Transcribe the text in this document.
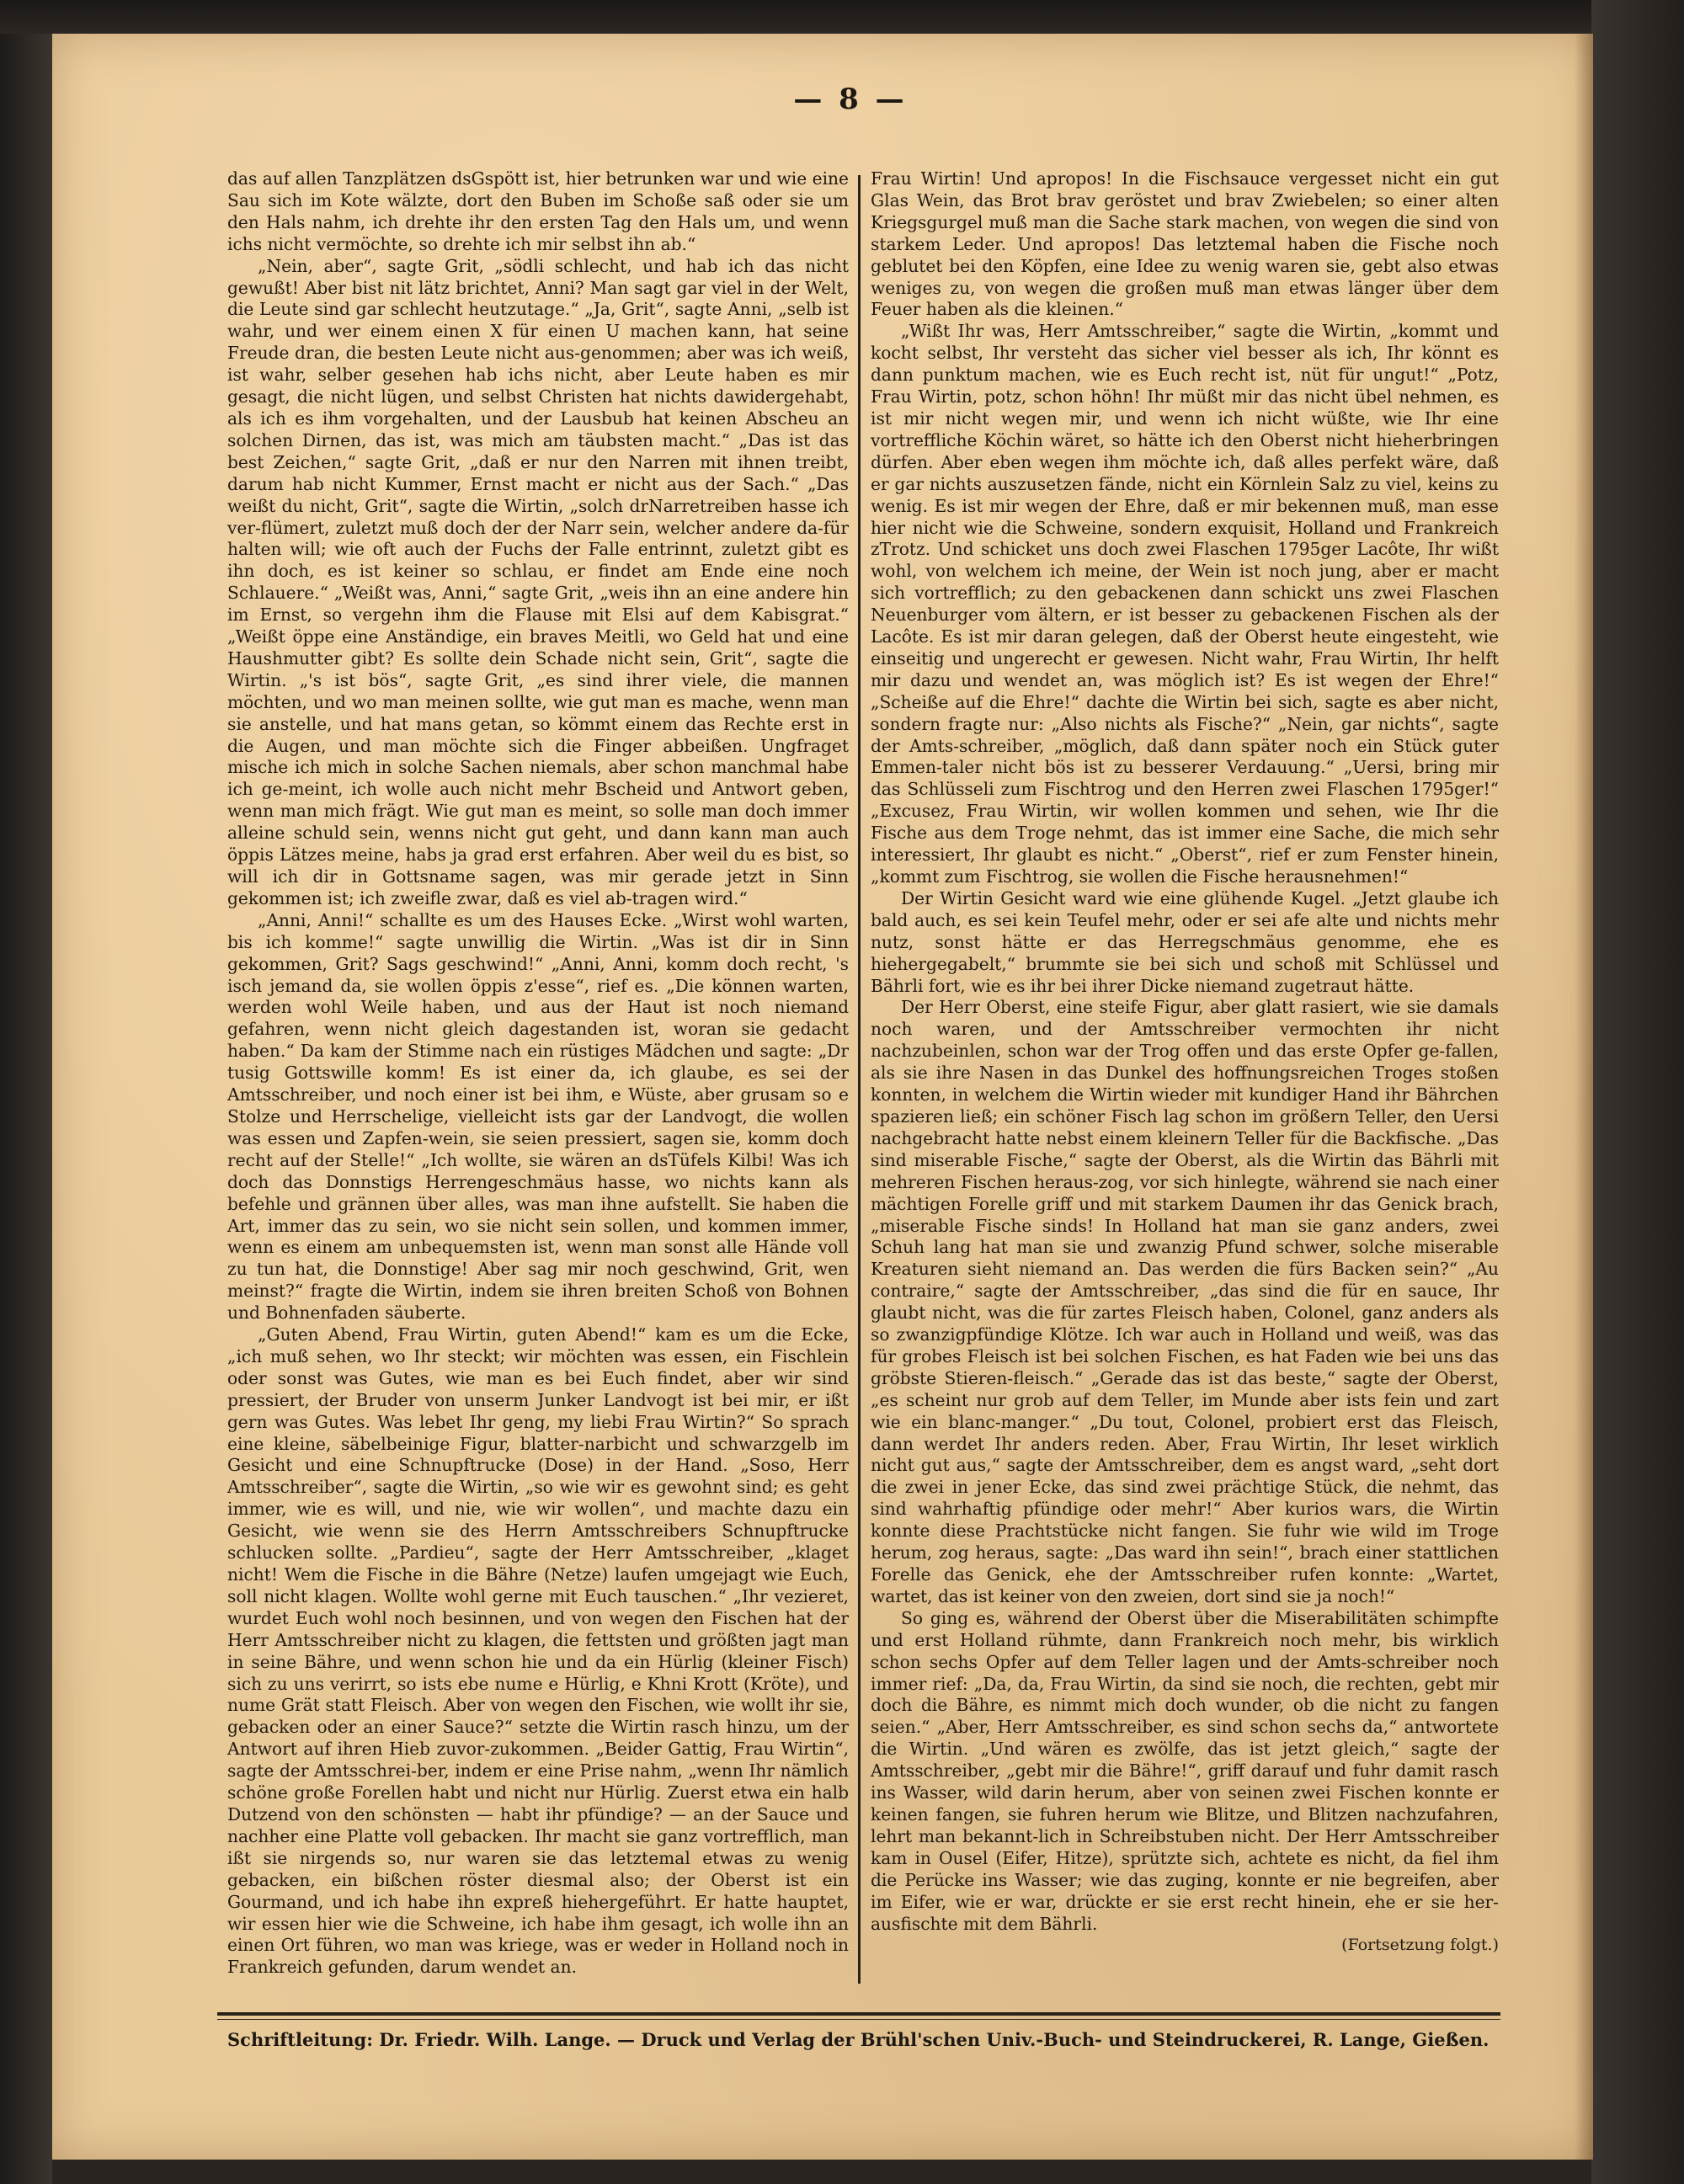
— 8 —

das auf allen Tanzplätzen dsGspött ist, hier betrunken war und wie eine Sau sich im Kote wälzte, dort den Buben im Schoße saß oder sie um den Hals nahm, ich drehte ihr den ersten Tag den Hals um, und wenn ichs nicht vermöchte, so drehte ich mir selbst ihn ab.“

„Nein, aber“, sagte Grit, „södli schlecht, und hab ich das nicht gewußt! Aber bist nit lätz brichtet, Anni? Man sagt gar viel in der Welt, die Leute sind gar schlecht heutzutage.“ „Ja, Grit“, sagte Anni, „selb ist wahr, und wer einem einen X für einen U machen kann, hat seine Freude dran, die besten Leute nicht aus-genommen; aber was ich weiß, ist wahr, selber gesehen hab ichs nicht, aber Leute haben es mir gesagt, die nicht lügen, und selbst Christen hat nichts dawidergehabt, als ich es ihm vorgehalten, und der Lausbub hat keinen Abscheu an solchen Dirnen, das ist, was mich am täubsten macht.“ „Das ist das best Zeichen,“ sagte Grit, „daß er nur den Narren mit ihnen treibt, darum hab nicht Kummer, Ernst macht er nicht aus der Sach.“ „Das weißt du nicht, Grit“, sagte die Wirtin, „solch drNarretreiben hasse ich ver-flümert, zuletzt muß doch der der Narr sein, welcher andere da-für halten will; wie oft auch der Fuchs der Falle entrinnt, zuletzt gibt es ihn doch, es ist keiner so schlau, er findet am Ende eine noch Schlauere.“ „Weißt was, Anni,“ sagte Grit, „weis ihn an eine andere hin im Ernst, so vergehn ihm die Flause mit Elsi auf dem Kabisgrat.“ „Weißt öppe eine Anständige, ein braves Meitli, wo Geld hat und eine Haushmutter gibt? Es sollte dein Schade nicht sein, Grit“, sagte die Wirtin. „'s ist bös“, sagte Grit, „es sind ihrer viele, die mannen möchten, und wo man meinen sollte, wie gut man es mache, wenn man sie anstelle, und hat mans getan, so kömmt einem das Rechte erst in die Augen, und man möchte sich die Finger abbeißen. Ungfraget mische ich mich in solche Sachen niemals, aber schon manchmal habe ich ge-meint, ich wolle auch nicht mehr Bscheid und Antwort geben, wenn man mich frägt. Wie gut man es meint, so solle man doch immer alleine schuld sein, wenns nicht gut geht, und dann kann man auch öppis Lätzes meine, habs ja grad erst erfahren. Aber weil du es bist, so will ich dir in Gottsname sagen, was mir gerade jetzt in Sinn gekommen ist; ich zweifle zwar, daß es viel ab-tragen wird.“

„Anni, Anni!“ schallte es um des Hauses Ecke. „Wirst wohl warten, bis ich komme!“ sagte unwillig die Wirtin. „Was ist dir in Sinn gekommen, Grit? Sags geschwind!“ „Anni, Anni, komm doch recht, 's isch jemand da, sie wollen öppis z'esse“, rief es. „Die können warten, werden wohl Weile haben, und aus der Haut ist noch niemand gefahren, wenn nicht gleich dagestanden ist, woran sie gedacht haben.“ Da kam der Stimme nach ein rüstiges Mädchen und sagte: „Dr tusig Gottswille komm! Es ist einer da, ich glaube, es sei der Amtsschreiber, und noch einer ist bei ihm, e Wüste, aber grusam so e Stolze und Herrschelige, vielleicht ists gar der Landvogt, die wollen was essen und Zapfen-wein, sie seien pressiert, sagen sie, komm doch recht auf der Stelle!“ „Ich wollte, sie wären an dsTüfels Kilbi! Was ich doch das Donnstigs Herrengeschmäus hasse, wo nichts kann als befehle und grännen über alles, was man ihne aufstellt. Sie haben die Art, immer das zu sein, wo sie nicht sein sollen, und kommen immer, wenn es einem am unbequemsten ist, wenn man sonst alle Hände voll zu tun hat, die Donnstige! Aber sag mir noch geschwind, Grit, wen meinst?“ fragte die Wirtin, indem sie ihren breiten Schoß von Bohnen und Bohnenfaden säuberte.

„Guten Abend, Frau Wirtin, guten Abend!“ kam es um die Ecke, „ich muß sehen, wo Ihr steckt; wir möchten was essen, ein Fischlein oder sonst was Gutes, wie man es bei Euch findet, aber wir sind pressiert, der Bruder von unserm Junker Landvogt ist bei mir, er ißt gern was Gutes. Was lebet Ihr geng, my liebi Frau Wirtin?“ So sprach eine kleine, säbelbeinige Figur, blatter-narbicht und schwarzgelb im Gesicht und eine Schnupftrucke (Dose) in der Hand. „Soso, Herr Amtsschreiber“, sagte die Wirtin, „so wie wir es gewohnt sind; es geht immer, wie es will, und nie, wie wir wollen“, und machte dazu ein Gesicht, wie wenn sie des Herrn Amtsschreibers Schnupftrucke schlucken sollte. „Pardieu“, sagte der Herr Amtsschreiber, „klaget nicht! Wem die Fische in die Bähre (Netze) laufen umgejagt wie Euch, soll nicht klagen. Wollte wohl gerne mit Euch tauschen.“ „Ihr vezieret, wurdet Euch wohl noch besinnen, und von wegen den Fischen hat der Herr Amtsschreiber nicht zu klagen, die fettsten und größten jagt man in seine Bähre, und wenn schon hie und da ein Hürlig (kleiner Fisch) sich zu uns verirrt, so ists ebe nume e Hürlig, e Khni Krott (Kröte), und nume Grät statt Fleisch. Aber von wegen den Fischen, wie wollt ihr sie, gebacken oder an einer Sauce?“ setzte die Wirtin rasch hinzu, um der Antwort auf ihren Hieb zuvor-zukommen. „Beider Gattig, Frau Wirtin“, sagte der Amtsschrei-ber, indem er eine Prise nahm, „wenn Ihr nämlich schöne große Forellen habt und nicht nur Hürlig. Zuerst etwa ein halb Dutzend von den schönsten — habt ihr pfündige? — an der Sauce und nachher eine Platte voll gebacken. Ihr macht sie ganz vortrefflich, man ißt sie nirgends so, nur waren sie das letztemal etwas zu wenig gebacken, ein bißchen röster diesmal also; der Oberst ist ein Gourmand, und ich habe ihn expreß hiehergeführt. Er hatte hauptet, wir essen hier wie die Schweine, ich habe ihm gesagt, ich wolle ihn an einen Ort führen, wo man was kriege, was er weder in Holland noch in Frankreich gefunden, darum wendet an.

Frau Wirtin! Und apropos! In die Fischsauce vergesset nicht ein gut Glas Wein, das Brot brav geröstet und brav Zwiebelen; so einer alten Kriegsgurgel muß man die Sache stark machen, von wegen die sind von starkem Leder. Und apropos! Das letztemal haben die Fische noch geblutet bei den Köpfen, eine Idee zu wenig waren sie, gebt also etwas weniges zu, von wegen die großen muß man etwas länger über dem Feuer haben als die kleinen.“

„Wißt Ihr was, Herr Amtsschreiber,“ sagte die Wirtin, „kommt und kocht selbst, Ihr versteht das sicher viel besser als ich, Ihr könnt es dann punktum machen, wie es Euch recht ist, nüt für ungut!“ „Potz, Frau Wirtin, potz, schon höhn! Ihr müßt mir das nicht übel nehmen, es ist mir nicht wegen mir, und wenn ich nicht wüßte, wie Ihr eine vortreffliche Köchin wäret, so hätte ich den Oberst nicht hieherbringen dürfen. Aber eben wegen ihm möchte ich, daß alles perfekt wäre, daß er gar nichts auszusetzen fände, nicht ein Körnlein Salz zu viel, keins zu wenig. Es ist mir wegen der Ehre, daß er mir bekennen muß, man esse hier nicht wie die Schweine, sondern exquisit, Holland und Frankreich zTrotz. Und schicket uns doch zwei Flaschen 1795ger Lacôte, Ihr wißt wohl, von welchem ich meine, der Wein ist noch jung, aber er macht sich vortrefflich; zu den gebackenen dann schickt uns zwei Flaschen Neuenburger vom ältern, er ist besser zu gebackenen Fischen als der Lacôte. Es ist mir daran gelegen, daß der Oberst heute eingesteht, wie einseitig und ungerecht er gewesen. Nicht wahr, Frau Wirtin, Ihr helft mir dazu und wendet an, was möglich ist? Es ist wegen der Ehre!“ „Scheiße auf die Ehre!“ dachte die Wirtin bei sich, sagte es aber nicht, sondern fragte nur: „Also nichts als Fische?“ „Nein, gar nichts“, sagte der Amts-schreiber, „möglich, daß dann später noch ein Stück guter Emmen-taler nicht bös ist zu besserer Verdauung.“ „Uersi, bring mir das Schlüsseli zum Fischtrog und den Herren zwei Flaschen 1795ger!“ „Excusez, Frau Wirtin, wir wollen kommen und sehen, wie Ihr die Fische aus dem Troge nehmt, das ist immer eine Sache, die mich sehr interessiert, Ihr glaubt es nicht.“ „Oberst“, rief er zum Fenster hinein, „kommt zum Fischtrog, sie wollen die Fische herausnehmen!“

Der Wirtin Gesicht ward wie eine glühende Kugel. „Jetzt glaube ich bald auch, es sei kein Teufel mehr, oder er sei afe alte und nichts mehr nutz, sonst hätte er das Herregschmäus genomme, ehe es hiehergegabelt,“ brummte sie bei sich und schoß mit Schlüssel und Bährli fort, wie es ihr bei ihrer Dicke niemand zugetraut hätte.

Der Herr Oberst, eine steife Figur, aber glatt rasiert, wie sie damals noch waren, und der Amtsschreiber vermochten ihr nicht nachzubeinlen, schon war der Trog offen und das erste Opfer ge-fallen, als sie ihre Nasen in das Dunkel des hoffnungsreichen Troges stoßen konnten, in welchem die Wirtin wieder mit kundiger Hand ihr Bährchen spazieren ließ; ein schöner Fisch lag schon im größern Teller, den Uersi nachgebracht hatte nebst einem kleinern Teller für die Backfische. „Das sind miserable Fische,“ sagte der Oberst, als die Wirtin das Bährli mit mehreren Fischen heraus-zog, vor sich hinlegte, während sie nach einer mächtigen Forelle griff und mit starkem Daumen ihr das Genick brach, „miserable Fische sinds! In Holland hat man sie ganz anders, zwei Schuh lang hat man sie und zwanzig Pfund schwer, solche miserable Kreaturen sieht niemand an. Das werden die fürs Backen sein?“ „Au contraire,“ sagte der Amtsschreiber, „das sind die für en sauce, Ihr glaubt nicht, was die für zartes Fleisch haben, Colonel, ganz anders als so zwanzigpfündige Klötze. Ich war auch in Holland und weiß, was das für grobes Fleisch ist bei solchen Fischen, es hat Faden wie bei uns das gröbste Stieren-fleisch.“ „Gerade das ist das beste,“ sagte der Oberst, „es scheint nur grob auf dem Teller, im Munde aber ists fein und zart wie ein blanc-manger.“ „Du tout, Colonel, probiert erst das Fleisch, dann werdet Ihr anders reden. Aber, Frau Wirtin, Ihr leset wirklich nicht gut aus,“ sagte der Amtsschreiber, dem es angst ward, „seht dort die zwei in jener Ecke, das sind zwei prächtige Stück, die nehmt, das sind wahrhaftig pfündige oder mehr!“ Aber kurios wars, die Wirtin konnte diese Prachtstücke nicht fangen. Sie fuhr wie wild im Troge herum, zog heraus, sagte: „Das ward ihn sein!“, brach einer stattlichen Forelle das Genick, ehe der Amtsschreiber rufen konnte: „Wartet, wartet, das ist keiner von den zweien, dort sind sie ja noch!“

So ging es, während der Oberst über die Miserabilitäten schimpfte und erst Holland rühmte, dann Frankreich noch mehr, bis wirklich schon sechs Opfer auf dem Teller lagen und der Amts-schreiber noch immer rief: „Da, da, Frau Wirtin, da sind sie noch, die rechten, gebt mir doch die Bähre, es nimmt mich doch wunder, ob die nicht zu fangen seien.“ „Aber, Herr Amtsschreiber, es sind schon sechs da,“ antwortete die Wirtin. „Und wären es zwölfe, das ist jetzt gleich,“ sagte der Amtsschreiber, „gebt mir die Bähre!“, griff darauf und fuhr damit rasch ins Wasser, wild darin herum, aber von seinen zwei Fischen konnte er keinen fangen, sie fuhren herum wie Blitze, und Blitzen nachzufahren, lehrt man bekannt-lich in Schreibstuben nicht. Der Herr Amtsschreiber kam in Ousel (Eifer, Hitze), sprützte sich, achtete es nicht, da fiel ihm die Perücke ins Wasser; wie das zuging, konnte er nie begreifen, aber im Eifer, wie er war, drückte er sie erst recht hinein, ehe er sie her-ausfischte mit dem Bährli.

(Fortsetzung folgt.)
Schriftleitung: Dr. Friedr. Wilh. Lange. — Druck und Verlag der Brühl'schen Univ.-Buch- und Steindruckerei, R. Lange, Gießen.
